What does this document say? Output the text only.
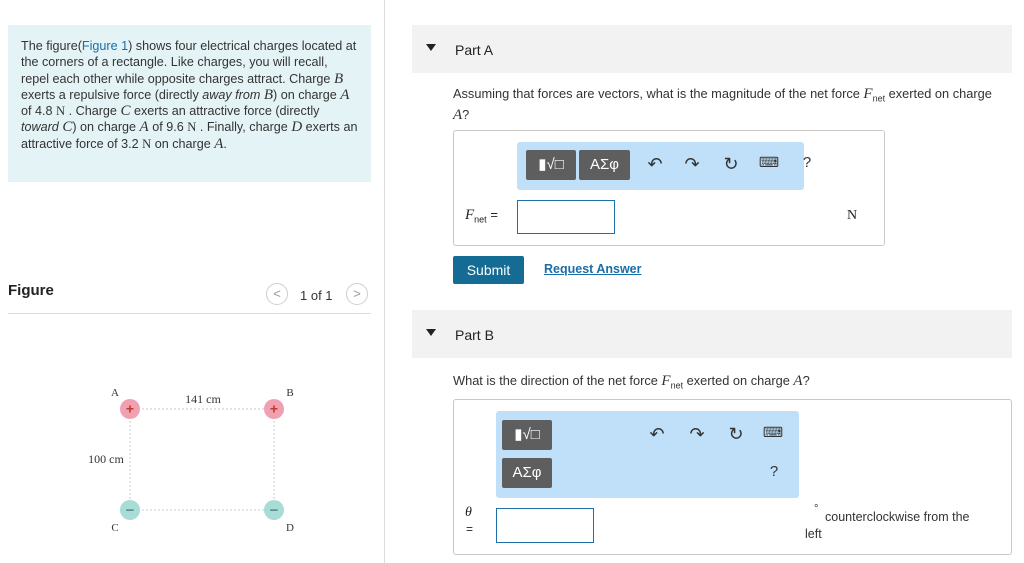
The figure(Figure 1) shows four electrical charges located at the corners of a rectangle. Like charges, you will recall, repel each other while opposite charges attract. Charge B exerts a repulsive force (directly away from B) on charge A of 4.8 N . Charge C exerts an attractive force (directly toward C) on charge A of 9.6 N . Finally, charge D exerts an attractive force of 3.2 N on charge A.
Figure	<	1 of 1	>
+	+
−	−
A	B
C	D
141 cm
100 cm
Part A
Assuming that forces are vectors, what is the magnitude of the net force $F_{net}$ exerted on charge A?
▮√□	ΑΣφ	↶ ↷ ↻ ⌨ ?
$F_{net}$ =	N
Submit	Request Answer
Part B
What is the direction of the net force $F_{net}$ exerted on charge A?
▮√□
ΑΣφ
↶ ↷ ↻ ⌨
?
θ
=
°
counterclockwise from the left
